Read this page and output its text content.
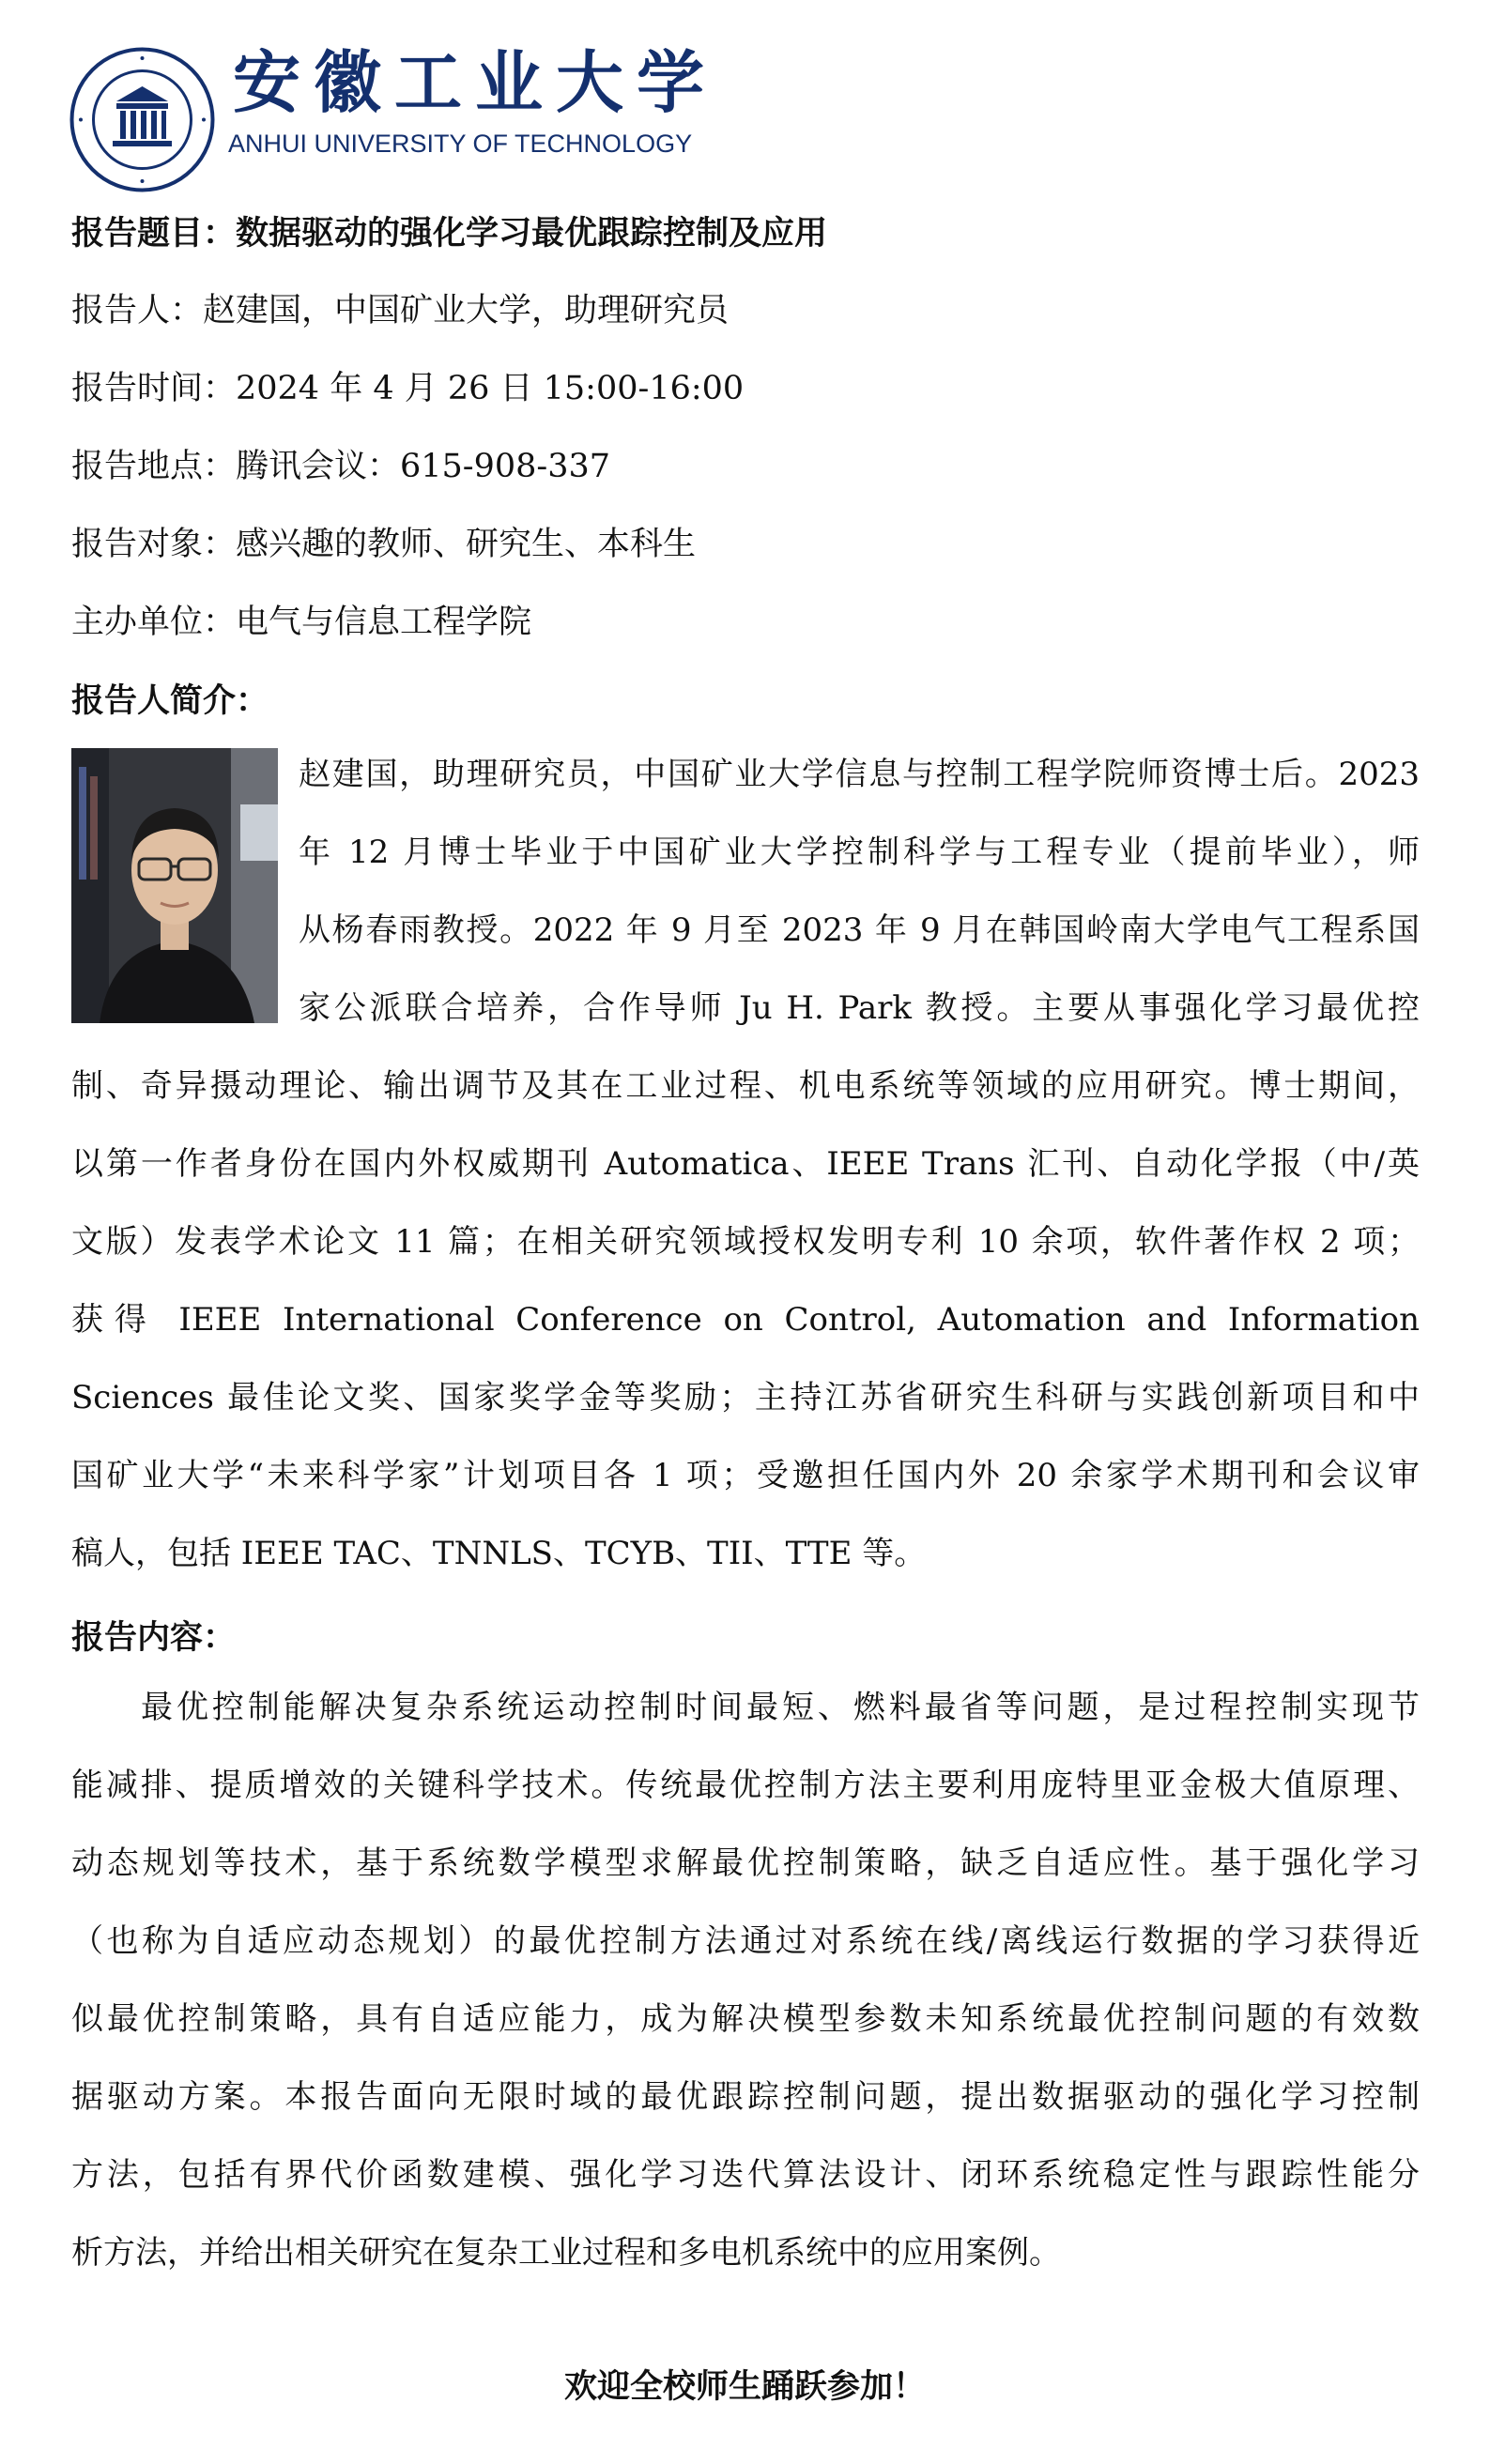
安徽工业大学
ANHUI UNIVERSITY OF TECHNOLOGY
报告题目：数据驱动的强化学习最优跟踪控制及应用
报告人：赵建国，中国矿业大学，助理研究员
报告时间：2024 年 4 月 26 日 15:00-16:00
报告地点：腾讯会议：615-908-337
报告对象：感兴趣的教师、研究生、本科生
主办单位：电气与信息工程学院
报告人简介：
赵建国，助理研究员，中国矿业大学信息与控制工程学院师资博士后。2023
年 12 月博士毕业于中国矿业大学控制科学与工程专业（提前毕业），师
从杨春雨教授。2022 年 9 月至 2023 年 9 月在韩国岭南大学电气工程系国
家公派联合培养，合作导师 Ju H. Park 教授。主要从事强化学习最优控
制、奇异摄动理论、输出调节及其在工业过程、机电系统等领域的应用研究。博士期间，
以第一作者身份在国内外权威期刊 Automatica、IEEE Trans 汇刊、自动化学报（中/英
文版）发表学术论文 11 篇；在相关研究领域授权发明专利 10 余项，软件著作权 2 项；
获得 IEEE International Conference on Control, Automation and Information
Sciences 最佳论文奖、国家奖学金等奖励；主持江苏省研究生科研与实践创新项目和中
国矿业大学“未来科学家”计划项目各 1 项；受邀担任国内外 20 余家学术期刊和会议审
稿人，包括 IEEE TAC、TNNLS、TCYB、TII、TTE 等。
报告内容：
最优控制能解决复杂系统运动控制时间最短、燃料最省等问题，是过程控制实现节
能减排、提质增效的关键科学技术。传统最优控制方法主要利用庞特里亚金极大值原理、
动态规划等技术，基于系统数学模型求解最优控制策略，缺乏自适应性。基于强化学习
（也称为自适应动态规划）的最优控制方法通过对系统在线/离线运行数据的学习获得近
似最优控制策略，具有自适应能力，成为解决模型参数未知系统最优控制问题的有效数
据驱动方案。本报告面向无限时域的最优跟踪控制问题，提出数据驱动的强化学习控制
方法，包括有界代价函数建模、强化学习迭代算法设计、闭环系统稳定性与跟踪性能分
析方法，并给出相关研究在复杂工业过程和多电机系统中的应用案例。
欢迎全校师生踊跃参加！
